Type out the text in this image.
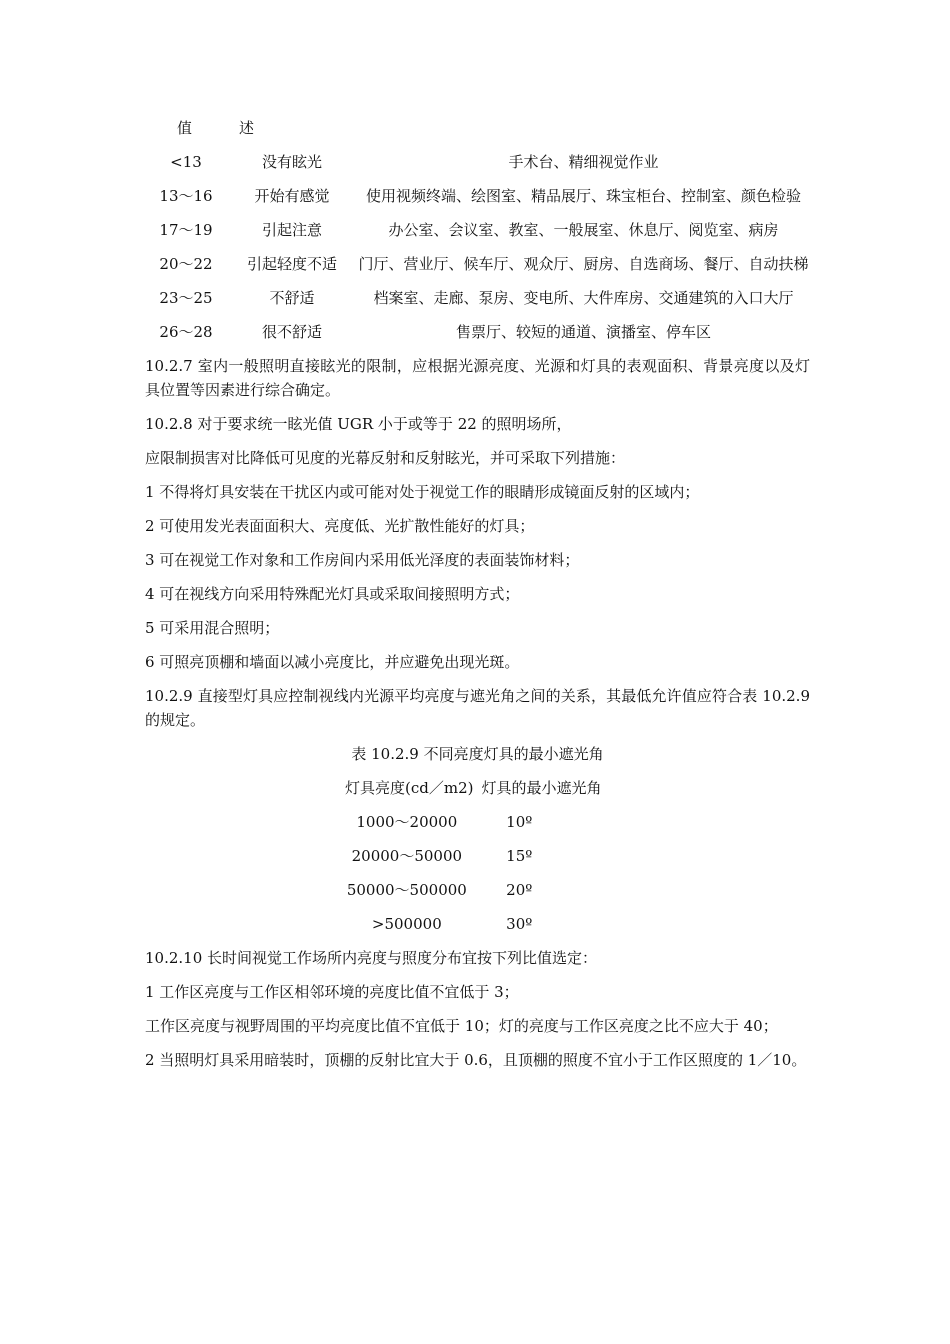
值	述	
<13	没有眩光	手术台、精细视觉作业
13～16	开始有感觉	使用视频终端、绘图室、精品展厅、珠宝柜台、控制室、颜色检验
17～19	引起注意	办公室、会议室、教室、一般展室、休息厅、阅览室、病房
20～22	引起轻度不适	门厅、营业厅、候车厅、观众厅、厨房、自选商场、餐厅、自动扶梯
23～25	不舒适	档案室、走廊、泵房、变电所、大件库房、交通建筑的入口大厅
26～28	很不舒适	售票厅、较短的通道、演播室、停车区

10.2.7 室内一般照明直接眩光的限制，应根据光源亮度、光源和灯具的表观面积、背景亮度以及灯具位置等因素进行综合确定。

10.2.8 对于要求统一眩光值 UGR 小于或等于 22 的照明场所，

应限制损害对比降低可见度的光幕反射和反射眩光，并可采取下列措施：

1 不得将灯具安装在干扰区内或可能对处于视觉工作的眼睛形成镜面反射的区域内；

2 可使用发光表面面积大、亮度低、光扩散性能好的灯具；

3 可在视觉工作对象和工作房间内采用低光泽度的表面装饰材料；

4 可在视线方向采用特殊配光灯具或采取间接照明方式；

5 可采用混合照明；

6 可照亮顶棚和墙面以减小亮度比，并应避免出现光斑。

10.2.9 直接型灯具应控制视线内光源平均亮度与遮光角之间的关系，其最低允许值应符合表 10.2.9 的规定。

表 10.2.9 不同亮度灯具的最小遮光角
灯具亮度(cd／m2) 灯具的最小遮光角
1000～20000	10º
20000～50000	15º
50000～500000	20º
>500000	30º

10.2.10 长时间视觉工作场所内亮度与照度分布宜按下列比值选定：

1 工作区亮度与工作区相邻环境的亮度比值不宜低于 3；

工作区亮度与视野周围的平均亮度比值不宜低于 10；灯的亮度与工作区亮度之比不应大于 40；

2 当照明灯具采用暗装时，顶棚的反射比宜大于 0.6，且顶棚的照度不宜小于工作区照度的 1／10。
